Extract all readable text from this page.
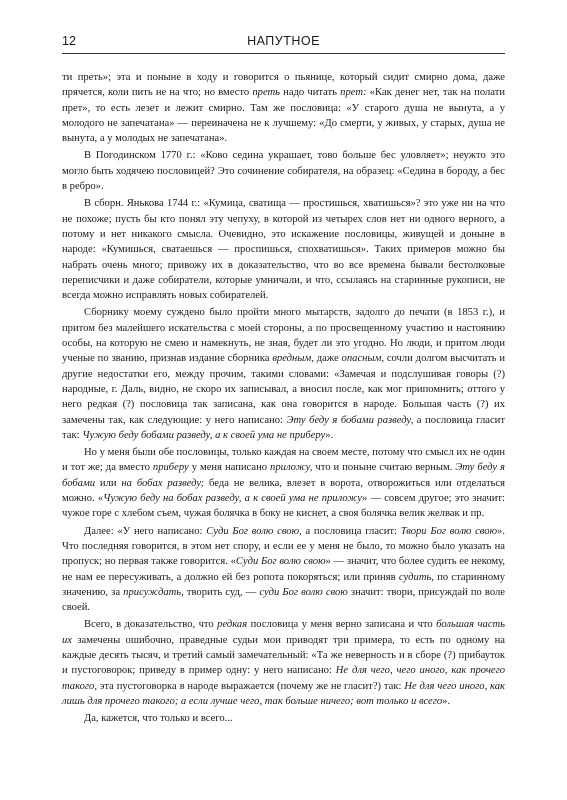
12	НАПУТНОЕ

ти преть»; эта и поныне в ходу и говорится о пьянице, который сидит смирно дома, даже прячется, коли пить не на что; но вместо преть надо читать прет: «Как денег нет, так на полати прет», то есть лезет и лежит смирно. Там же пословица: «У старого душа не вынута, а у молодого не запечатана» — переиначена не к лучшему: «До смерти, у живых, у старых, душа не вынута, а у молодых не запечатана».

В Погодинском 1770 г.: «Ково седина украшает, тово больше бес уловляет»; неужто это могло быть ходячею пословицей? Это сочинение собирателя, на образец: «Седина в бороду, а бес в ребро».

В сборн. Янькова 1744 г.: «Кумица, сватища — простишься, хватишься»? это уже ни на что не похоже; пусть бы кто понял эту чепуху, в которой из четырех слов нет ни одного верного, а потому и нет никакого смысла. Очевидно, это искажение пословицы, живущей и доныне в народе: «Кумишься, сватаешься — проспишься, спохватишься». Таких примеров можно бы набрать очень много; привожу их в доказательство, что во все времена бывали бестолковые переписчики и даже собиратели, которые умничали, и что, ссылаясь на старинные рукописи, не всегда можно исправлять новых собирателей.

Сборнику моему суждено было пройти много мытарств, задолго до печати (в 1853 г.), и притом без малейшего искательства с моей стороны, а по просвещенному участию и настоянию особы, на которую не смею и намекнуть, не зная, будет ли это угодно. Но люди, и притом люди ученые по званию, признав издание сборника вредным, даже опасным, сочли долгом высчитать и другие недостатки его, между прочим, такими словами: «Замечая и подслушивая говоры (?) народные, г. Даль, видно, не скоро их записывал, а вносил после, как мог припомнить; оттого у него редкая (?) пословица так записана, как она говорится в народе. Большая часть (?) их замечены так, как следующие: у него написано: Эту беду я бобами разведу, а пословица гласит так: Чужую беду бобами разведу, а к своей ума не приберу».

Но у меня были обе пословицы, только каждая на своем месте, потому что смысл их не один и тот же; да вместо приберу у меня написано приложу, что и поныне считаю верным. Эту беду я бобами или на бобах разведу; беда не велика, влезет в ворота, отворожиться или отделаться можно. «Чужую беду на бобах разведу, а к своей ума не приложу» — совсем другое; это значит: чужое горе с хлебом съем, чужая болячка в боку не киснет, а своя болячка велик желвак и пр.

Далее: «У него написано: Суди Бог волю свою, а пословица гласит: Твори Бог волю свою». Что последняя говорится, в этом нет спору, и если ее у меня не было, то можно было указать на пропуск; но первая также говорится. «Суди Бог волю свою» — значит, что более судить ее некому, не нам ее пересуживать, а должно ей без ропота покоряться; или приняв судить, по старинному значению, за присуждать, творить суд, — суди Бог волю свою значит: твори, присуждай по воле своей.

Всего, в доказательство, что редкая пословица у меня верно записана и что большая часть их замечены ошибочно, праведные судьи мои приводят три примера, то есть по одному на каждые десять тысяч, и третий самый замечательный: «Та же неверность и в сборе (?) прибауток и пустоговорок; приведу в пример одну: у него написано: Не для чего, чего иного, как прочего такого, эта пустоговорка в народе выражается (почему же не гласит?) так: Не для чего иного, как лишь для прочего такого; а если лучше чего, так больше ничего; вот только и всего».

Да, кажется, что только и всего...
